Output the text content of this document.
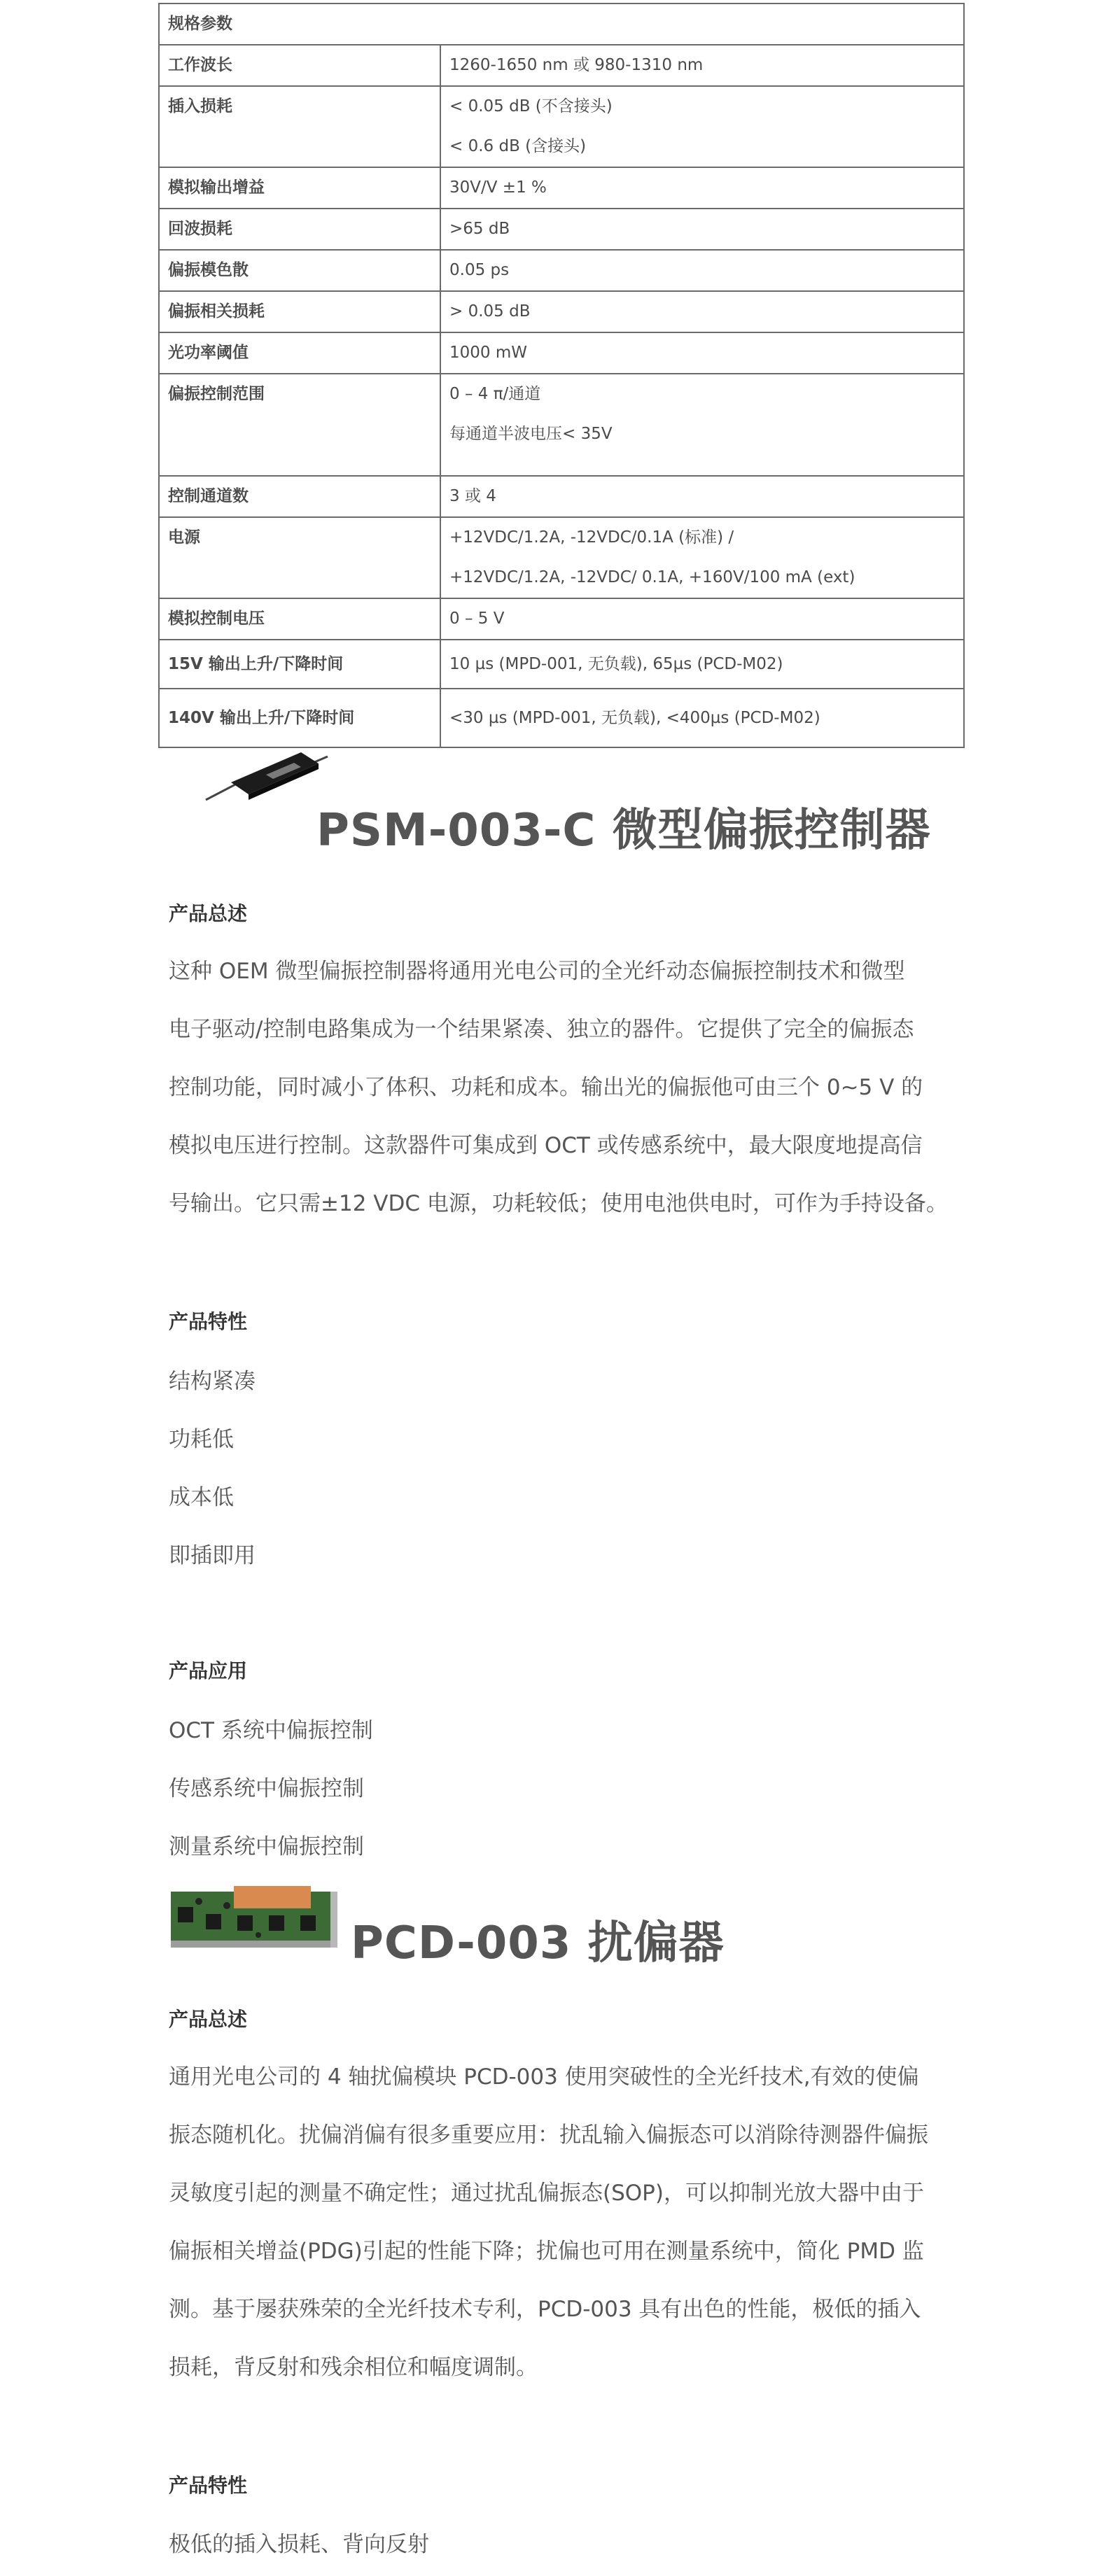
规格参数	

工作波长	1260-1650 nm 或 980-1310 nm

插入损耗	< 0.05 dB (不含接头)
< 0.6 dB (含接头)

模拟输出增益	30V/V ±1 %

回波损耗	>65 dB

偏振模色散	0.05 ps

偏振相关损耗	> 0.05 dB

光功率阈值	1000 mW

偏振控制范围	0 – 4 π/通道
每通道半波电压< 35V

控制通道数	3 或 4

电源	+12VDC/1.2A, -12VDC/0.1A (标准) /
+12VDC/1.2A, -12VDC/ 0.1A, +160V/100 mA (ext)

模拟控制电压	0 – 5 V

15V 输出上升/下降时间	10 µs (MPD-001, 无负载), 65µs (PCD-M02)

140V 输出上升/下降时间	<30 µs (MPD-001, 无负载), <400µs (PCD-M02)
PSM-003-C 微型偏振控制器
产品总述
这种 OEM 微型偏振控制器将通用光电公司的全光纤动态偏振控制技术和微型
电子驱动/控制电路集成为一个结果紧凑、独立的器件。它提供了完全的偏振态
控制功能，同时减小了体积、功耗和成本。输出光的偏振他可由三个 0~5 V 的
模拟电压进行控制。这款器件可集成到 OCT 或传感系统中，最大限度地提高信
号输出。它只需±12 VDC 电源，功耗较低；使用电池供电时，可作为手持设备。
产品特性
结构紧凑
功耗低
成本低
即插即用
产品应用
OCT 系统中偏振控制
传感系统中偏振控制
测量系统中偏振控制
PCD-003 扰偏器
产品总述
通用光电公司的 4 轴扰偏模块 PCD-003 使用突破性的全光纤技术,有效的使偏
振态随机化。扰偏消偏有很多重要应用：扰乱输入偏振态可以消除待测器件偏振
灵敏度引起的测量不确定性；通过扰乱偏振态(SOP)，可以抑制光放大器中由于
偏振相关增益(PDG)引起的性能下降；扰偏也可用在测量系统中，简化 PMD 监
测。基于屡获殊荣的全光纤技术专利，PCD-003 具有出色的性能，极低的插入
损耗，背反射和残余相位和幅度调制。
产品特性
极低的插入损耗、背向反射
